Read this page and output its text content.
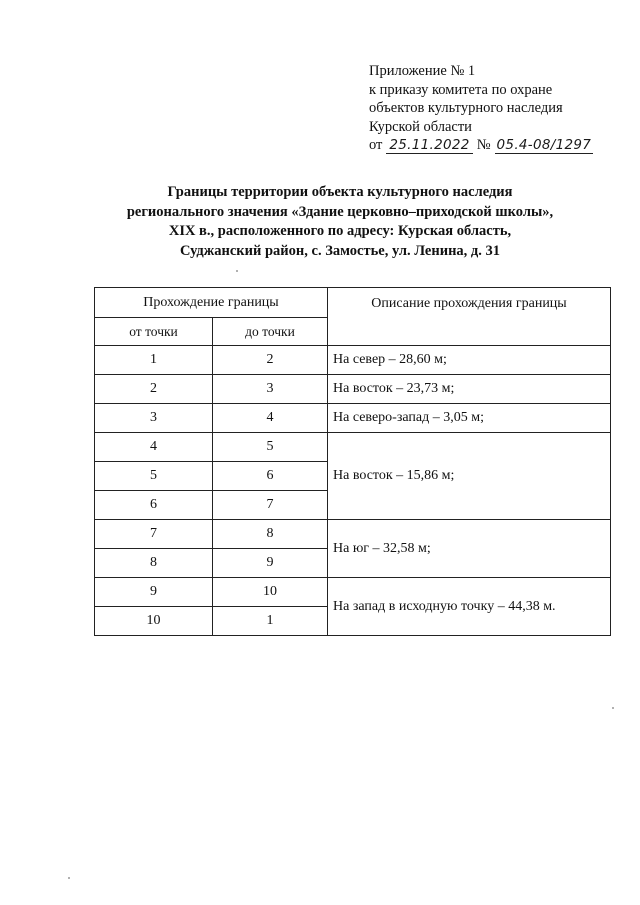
Приложение № 1
к приказу комитета по охране
объектов культурного наследия
Курской области
от 25.11.2022 № 05.4-08/1297
Границы территории объекта культурного наследия
регионального значения «Здание церковно–приходской школы»,
XIX в., расположенного по адресу: Курская область,
Суджанский район, с. Замостье, ул. Ленина, д. 31
Прохождение границы		Описание прохождения границы
от точки	до точки	
1	2	На север – 28,60 м;
2	3	На восток – 23,73 м;
3	4	На северо-запад – 3,05 м;
4	5	На восток – 15,86 м;
5	6	
6	7	
7	8	На юг – 32,58 м;
8	9	
9	10	На запад в исходную точку – 44,38 м.
10	1	
